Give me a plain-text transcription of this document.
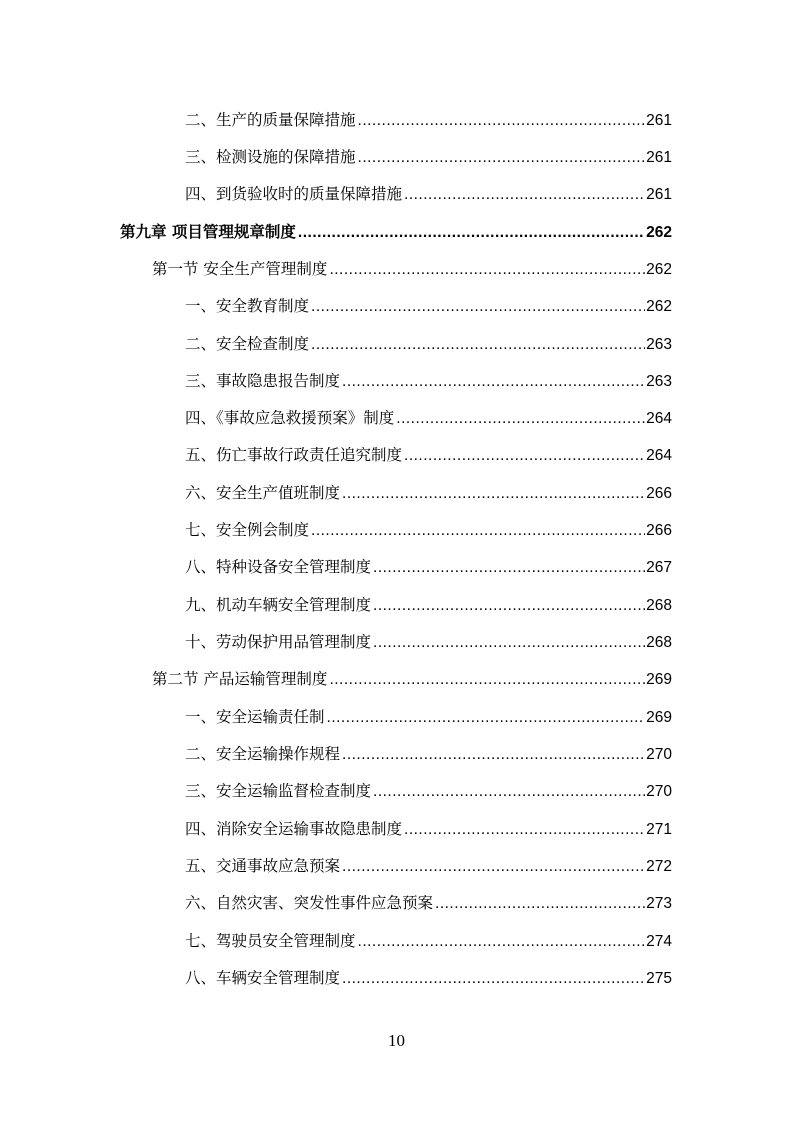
二、生产的质量保障措施 .....	261
三、检测设施的保障措施 .....	261
四、到货验收时的质量保障措施 .....	261
第九章 项目管理规章制度 .....	262
第一节 安全生产管理制度 .....	262
一、安全教育制度 .....	262
二、安全检查制度 .....	263
三、事故隐患报告制度 .....	263
四、《事故应急救援预案》制度 .....	264
五、伤亡事故行政责任追究制度 .....	264
六、安全生产值班制度 .....	266
七、安全例会制度 .....	266
八、特种设备安全管理制度 .....	267
九、机动车辆安全管理制度 .....	268
十、劳动保护用品管理制度 .....	268
第二节 产品运输管理制度 .....	269
一、安全运输责任制 .....	269
二、安全运输操作规程 .....	270
三、安全运输监督检查制度 .....	270
四、消除安全运输事故隐患制度 .....	271
五、交通事故应急预案 .....	272
六、自然灾害、突发性事件应急预案 .....	273
七、驾驶员安全管理制度 .....	274
八、车辆安全管理制度 .....	275
10
